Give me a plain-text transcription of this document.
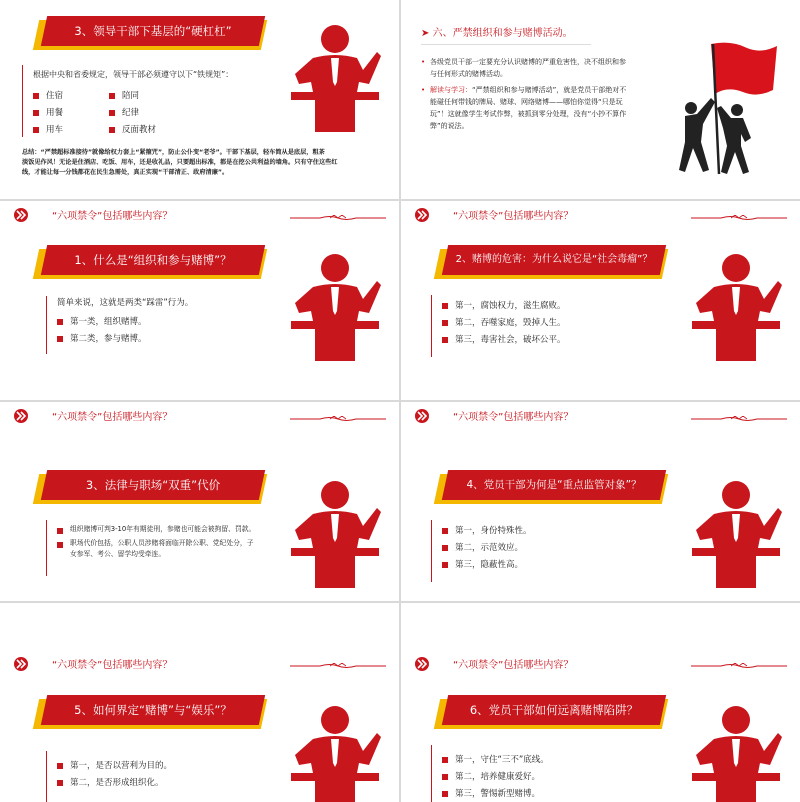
3、领导干部下基层的“硬杠杠”
根据中央和省委规定，领导干部必须遵守以下“铁规矩”：
住宿
用餐
用车
陪同
纪律
反面教材
总结：“严禁超标准接待”就像给权力套上“紧箍咒”，防止公仆变“老爷”。干部下基层，轻车简从是底层，粗茶
淡饭见作风！无论是住酒店、吃饭、用车，还是收礼品，只要超出标准，都是在挖公共利益的墙角。只有守住这些红
线，才能让每一分钱都花在民生急需处，真正实现“干部清正、政府清廉”。
➤ 六、严禁组织和参与赌博活动。
• 各级党员干部一定要充分认识赌博的严重危害性，决不组织和参
与任何形式的赌博活动。
• 解读与学习：“严禁组织和参与赌博活动”，就是党员干部绝对不
能碰任何带钱的牌局、赌球、网络赌博——哪怕你觉得“只是玩
玩”！这就像学生考试作弊，被抓到零分处理，没有“小抄不算作
弊”的说法。
“六项禁令”包括哪些内容？
1、什么是“组织和参与赌博”？
简单来说，这就是两类“踩雷”行为。
第一类，组织赌博。
第二类，参与赌博。
“六项禁令”包括哪些内容？
2、赌博的危害：为什么说它是“社会毒瘤”？
第一，腐蚀权力，滋生腐败。
第二，吞噬家庭，毁掉人生。
第三，毒害社会，破坏公平。
“六项禁令”包括哪些内容？
3、法律与职场“双重”代价
组织赌博可判3-10年有期徒刑，参赌也可能会被拘留、罚款。
职场代价包括，公职人员涉赌将面临开除公职、党纪处分，子
女参军、考公、留学均受牵连。
“六项禁令”包括哪些内容？
4、党员干部为何是“重点监管对象”？
第一，身份特殊性。
第二，示范效应。
第三，隐蔽性高。
“六项禁令”包括哪些内容？
5、如何界定“赌博”与“娱乐”？
第一，是否以营利为目的。
第二，是否形成组织化。
“六项禁令”包括哪些内容？
6、党员干部如何远离赌博陷阱？
第一，守住“三不”底线。
第二，培养健康爱好。
第三，警惕新型赌博。
